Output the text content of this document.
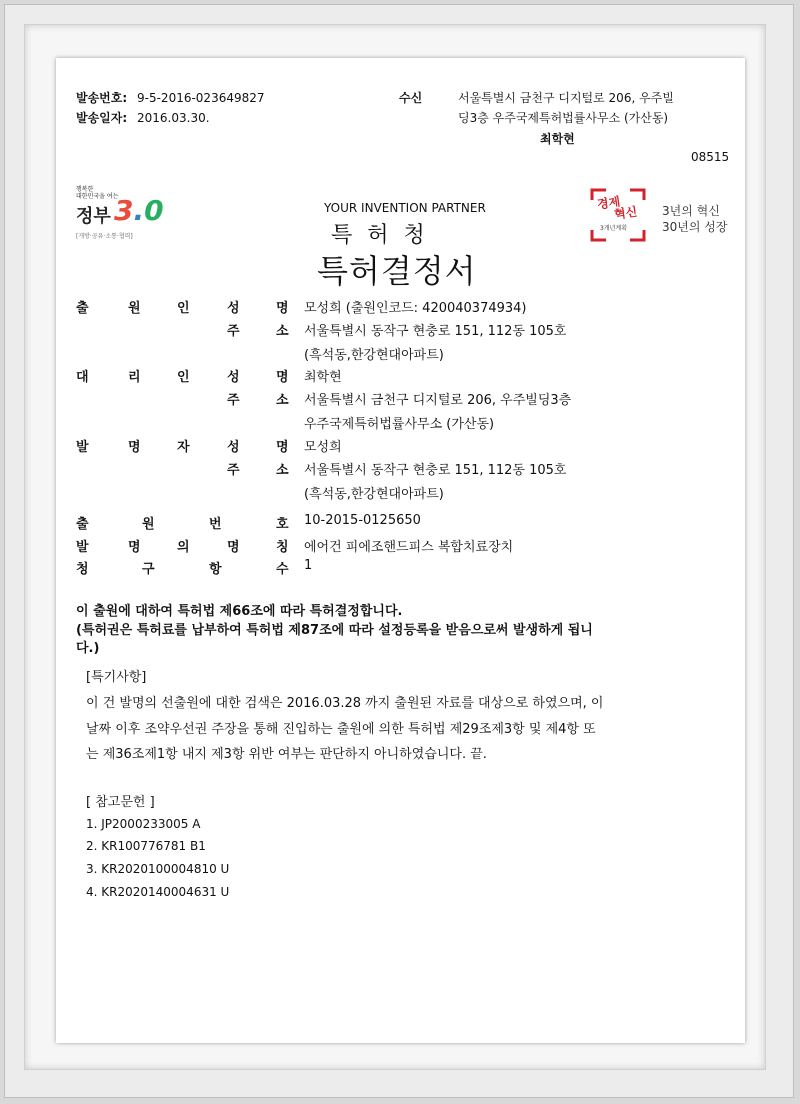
발송번호: 9-5-2016-023649827
발송일자: 2016.03.30.
수신	서울특별시 금천구 디지털로 206, 우주빌
딩3층 우주국제특허법률사무소 (가산동)
최학현
08515
행복한
대한민국을 여는
정부 3.0
[개방·공유·소통·협력]
YOUR INVENTION PARTNER
특 허 청
특허결정서
경제
혁신
3개년계획
3년의 혁신
30년의 성장
출	원	인	성	명 모성희 (출원인코드: 420040374934)
주	소 서울특별시 동작구 현충로 151, 112동 105호
(흑석동,한강현대아파트)
대	리	인	성	명 최학현
주	소 서울특별시 금천구 디지털로 206, 우주빌딩3층
우주국제특허법률사무소 (가산동)
발	명	자	성	명 모성희
주	소 서울특별시 동작구 현충로 151, 112동 105호
(흑석동,한강현대아파트)
출	원	번	호 10-2015-0125650
발	명	의	명	칭 에어건 피에조핸드피스 복합치료장치
청	구	항	수 1
이 출원에 대하여 특허법 제66조에 따라 특허결정합니다.
(특허권은 특허료를 납부하여 특허법 제87조에 따라 설정등록을 받음으로써 발생하게 됩니
다.)
[특기사항]
이 건 발명의 선출원에 대한 검색은 2016.03.28 까지 출원된 자료를 대상으로 하였으며, 이
날짜 이후 조약우선권 주장을 통해 진입하는 출원에 의한 특허법 제29조제3항 및 제4항 또
는 제36조제1항 내지 제3항 위반 여부는 판단하지 아니하였습니다. 끝.
[ 참고문헌 ]
1. JP2000233005 A
2. KR100776781 B1
3. KR2020100004810 U
4. KR2020140004631 U
